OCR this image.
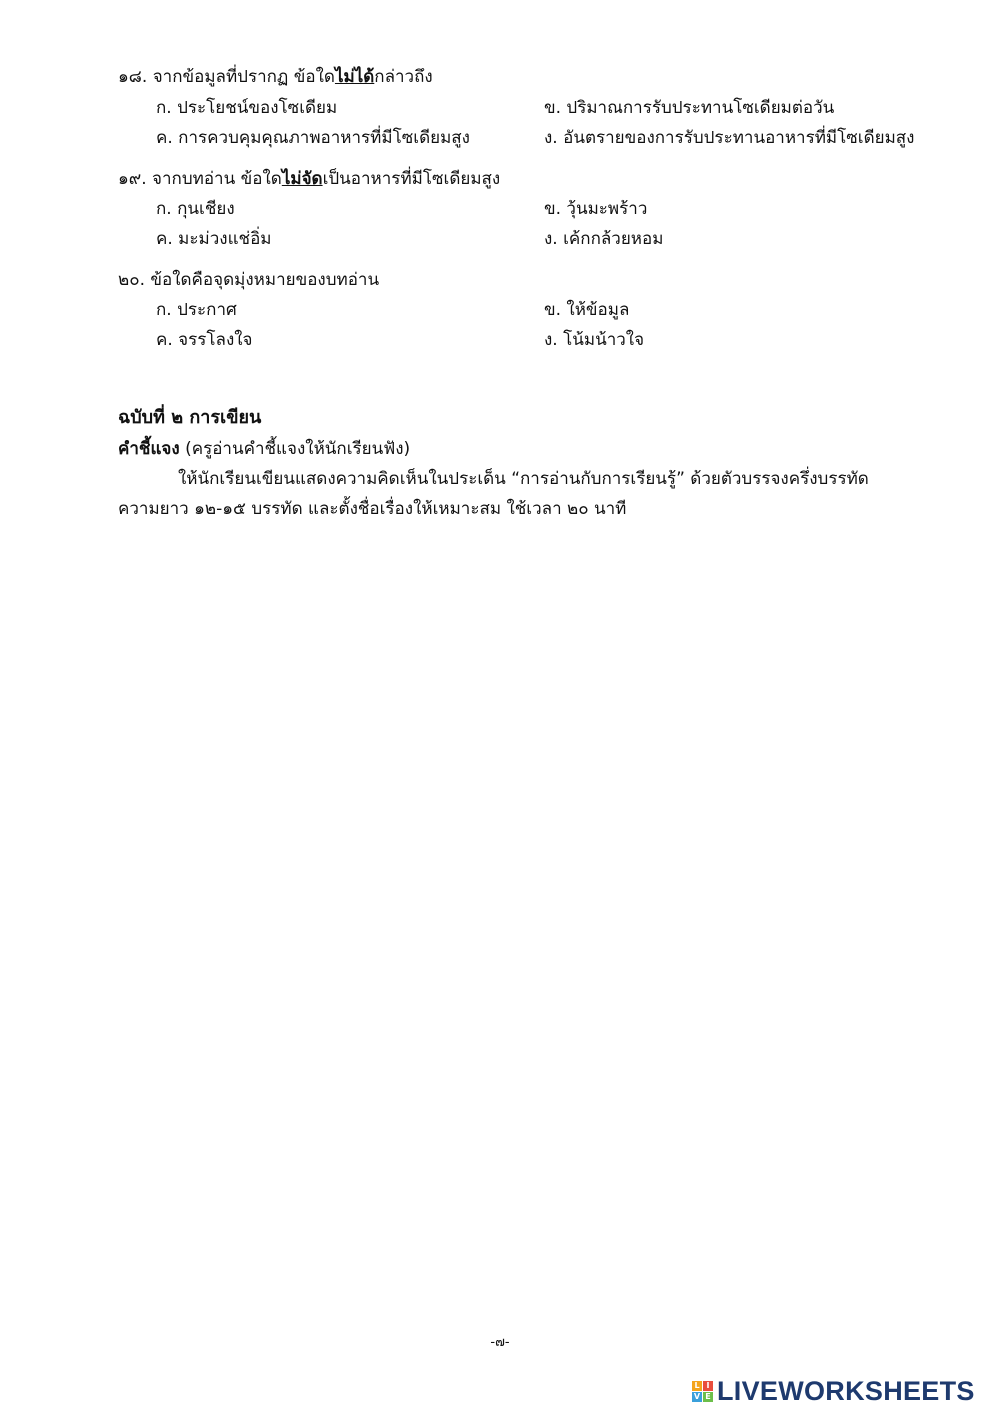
๑๘. จากข้อมูลที่ปรากฏ ข้อใดไม่ได้กล่าวถึง
ก. ประโยชน์ของโซเดียม	ข. ปริมาณการรับประทานโซเดียมต่อวัน
ค. การควบคุมคุณภาพอาหารที่มีโซเดียมสูง	ง. อันตรายของการรับประทานอาหารที่มีโซเดียมสูง
๑๙. จากบทอ่าน ข้อใดไม่จัดเป็นอาหารที่มีโซเดียมสูง
ก. กุนเชียง	ข. วุ้นมะพร้าว
ค. มะม่วงแช่อิ่ม	ง. เค้กกล้วยหอม
๒๐. ข้อใดคือจุดมุ่งหมายของบทอ่าน
ก. ประกาศ	ข. ให้ข้อมูล
ค. จรรโลงใจ	ง. โน้มน้าวใจ
ฉบับที่ ๒ การเขียน
คำชี้แจง (ครูอ่านคำชี้แจงให้นักเรียนฟัง)
ให้นักเรียนเขียนแสดงความคิดเห็นในประเด็น “การอ่านกับการเรียนรู้” ด้วยตัวบรรจงครึ่งบรรทัด
ความยาว ๑๒-๑๕ บรรทัด และตั้งชื่อเรื่องให้เหมาะสม ใช้เวลา ๒๐ นาที
-๗-
L I
V E LIVEWORKSHEETS
